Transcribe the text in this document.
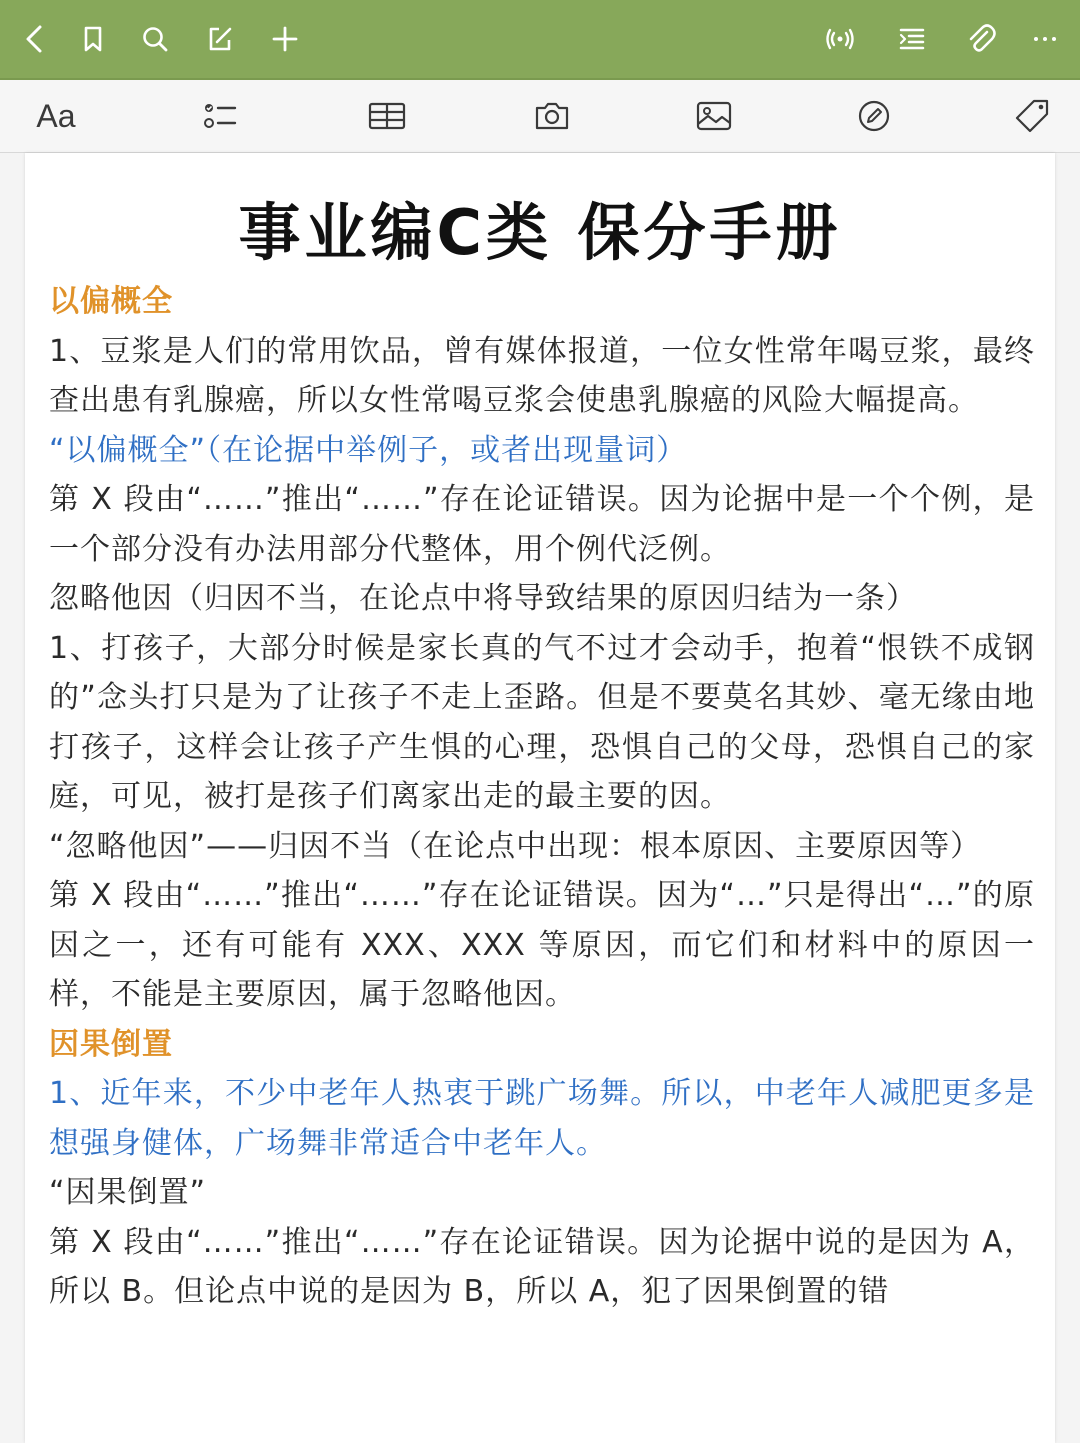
Aa
事业编C类 保分手册

以偏概全

1、豆浆是人们的常用饮品，曾有媒体报道，一位女性常年喝豆浆，最终查出患有乳腺癌，所以女性常喝豆浆会使患乳腺癌的风险大幅提高。

“以偏概全”（在论据中举例子，或者出现量词）

第 X 段由“……”推出“……”存在论证错误。因为论据中是一个个例，是一个部分没有办法用部分代整体，用个例代泛例。

忽略他因（归因不当，在论点中将导致结果的原因归结为一条）

1、打孩子，大部分时候是家长真的气不过才会动手，抱着“恨铁不成钢的”念头打只是为了让孩子不走上歪路。但是不要莫名其妙、毫无缘由地打孩子，这样会让孩子产生惧的心理，恐惧自己的父母，恐惧自己的家庭，可见，被打是孩子们离家出走的最主要的因。

“忽略他因”——归因不当（在论点中出现：根本原因、主要原因等）

第 X 段由“……”推出“……”存在论证错误。因为“…”只是得出“…”的原因之一，还有可能有 XXX、XXX 等原因，而它们和材料中的原因一样，不能是主要原因，属于忽略他因。

因果倒置

1、近年来，不少中老年人热衷于跳广场舞。所以，中老年人减肥更多是想强身健体，广场舞非常适合中老年人。

“因果倒置”

第 X 段由“……”推出“……”存在论证错误。因为论据中说的是因为 A，所以 B。但论点中说的是因为 B，所以 A，犯了因果倒置的错
